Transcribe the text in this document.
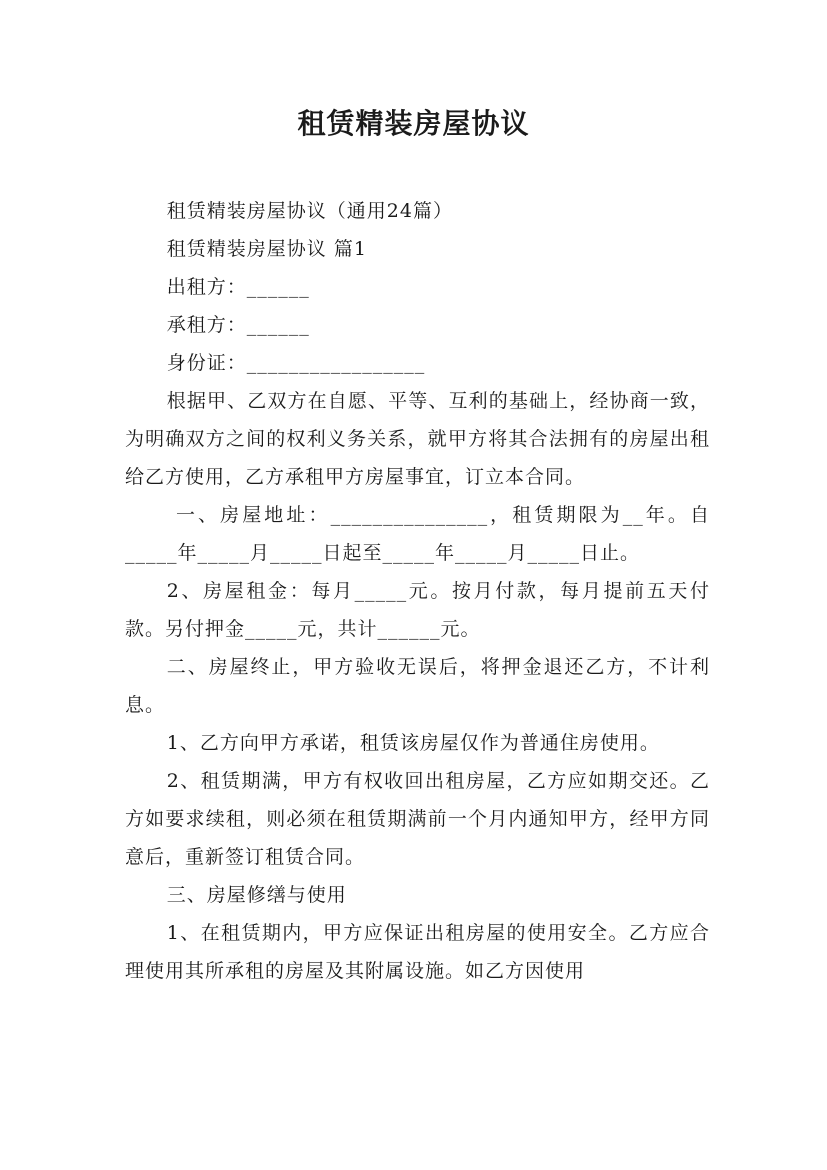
租赁精装房屋协议

租赁精装房屋协议（通用24篇）

租赁精装房屋协议 篇1

出租方：______

承租方：______

身份证：_________________

根据甲、乙双方在自愿、平等、互利的基础上，经协商一致，为明确双方之间的权利义务关系，就甲方将其合法拥有的房屋出租给乙方使用，乙方承租甲方房屋事宜，订立本合同。

一、房屋地址：_______________，租赁期限为__年。自_____年_____月_____日起至_____年_____月_____日止。

2、房屋租金：每月_____元。按月付款，每月提前五天付款。另付押金_____元，共计______元。

二、房屋终止，甲方验收无误后，将押金退还乙方，不计利息。

1、乙方向甲方承诺，租赁该房屋仅作为普通住房使用。

2、租赁期满，甲方有权收回出租房屋，乙方应如期交还。乙方如要求续租，则必须在租赁期满前一个月内通知甲方，经甲方同意后，重新签订租赁合同。

三、房屋修缮与使用

1、在租赁期内，甲方应保证出租房屋的使用安全。乙方应合理使用其所承租的房屋及其附属设施。如乙方因使用
